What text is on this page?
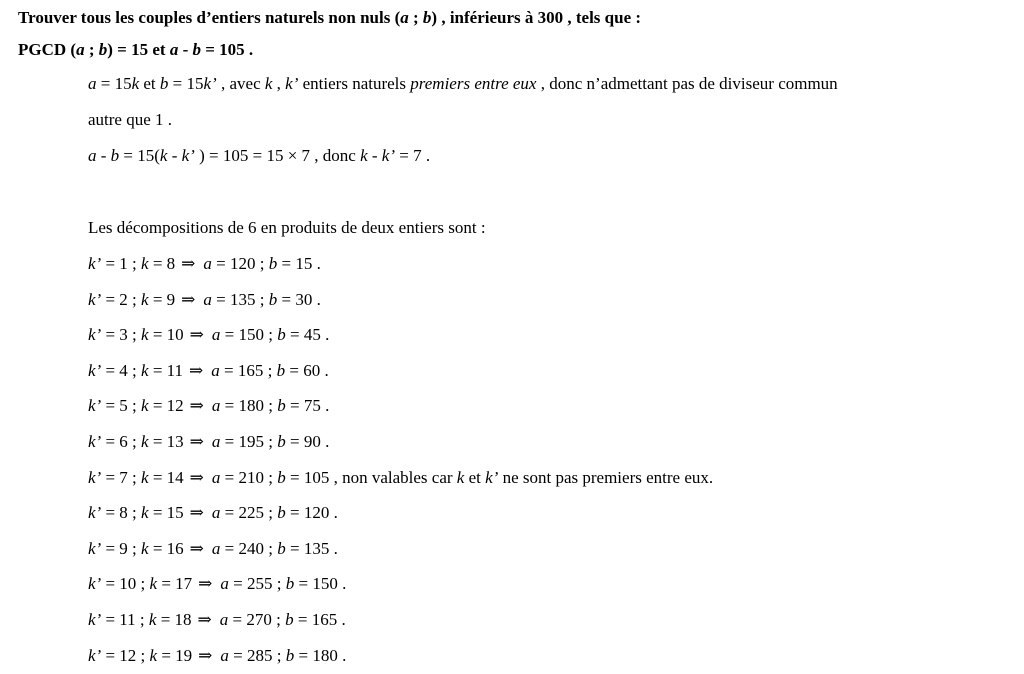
Trouver tous les couples d’entiers naturels non nuls (a ; b) , inférieurs à 300 , tels que :
PGCD (a ; b) = 15 et a - b = 105 .
a = 15k et b = 15k’ , avec k , k’ entiers naturels premiers entre eux , donc n’admettant pas de diviseur commun
autre que 1 .
a - b = 15(k - k’ ) = 105 = 15 × 7 , donc k - k’ = 7 .
Les décompositions de 6 en produits de deux entiers sont :
k’ = 1 ; k = 8 ⇒ a = 120 ; b = 15 .
k’ = 2 ; k = 9 ⇒ a = 135 ; b = 30 .
k’ = 3 ; k = 10 ⇒ a = 150 ; b = 45 .
k’ = 4 ; k = 11 ⇒ a = 165 ; b = 60 .
k’ = 5 ; k = 12 ⇒ a = 180 ; b = 75 .
k’ = 6 ; k = 13 ⇒ a = 195 ; b = 90 .
k’ = 7 ; k = 14 ⇒ a = 210 ; b = 105 , non valables car k et k’ ne sont pas premiers entre eux.
k’ = 8 ; k = 15 ⇒ a = 225 ; b = 120 .
k’ = 9 ; k = 16 ⇒ a = 240 ; b = 135 .
k’ = 10 ; k = 17 ⇒ a = 255 ; b = 150 .
k’ = 11 ; k = 18 ⇒ a = 270 ; b = 165 .
k’ = 12 ; k = 19 ⇒ a = 285 ; b = 180 .
